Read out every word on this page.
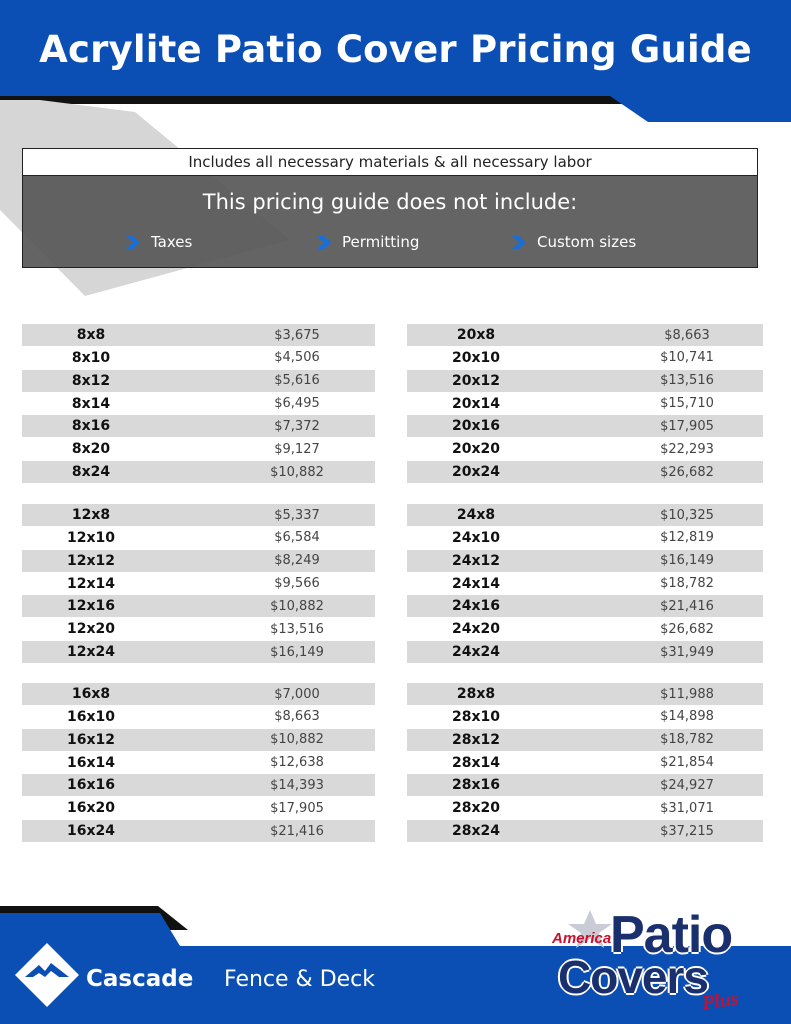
Acrylite Patio Cover Pricing Guide
Includes all necessary materials & all necessary labor
This pricing guide does not include:
Taxes	Permitting	Custom sizes
8x8	$3,675
8x10	$4,506
8x12	$5,616
8x14	$6,495
8x16	$7,372
8x20	$9,127
8x24	$10,882
12x8	$5,337
12x10	$6,584
12x12	$8,249
12x14	$9,566
12x16	$10,882
12x20	$13,516
12x24	$16,149
16x8	$7,000
16x10	$8,663
16x12	$10,882
16x14	$12,638
16x16	$14,393
16x20	$17,905
16x24	$21,416
20x8	$8,663
20x10	$10,741
20x12	$13,516
20x14	$15,710
20x16	$17,905
20x20	$22,293
20x24	$26,682
24x8	$10,325
24x10	$12,819
24x12	$16,149
24x14	$18,782
24x16	$21,416
24x20	$26,682
24x24	$31,949
28x8	$11,988
28x10	$14,898
28x12	$18,782
28x14	$21,854
28x16	$24,927
28x20	$31,071
28x24	$37,215
Cascade Fence & Deck
American
Patio
Covers
Plus
